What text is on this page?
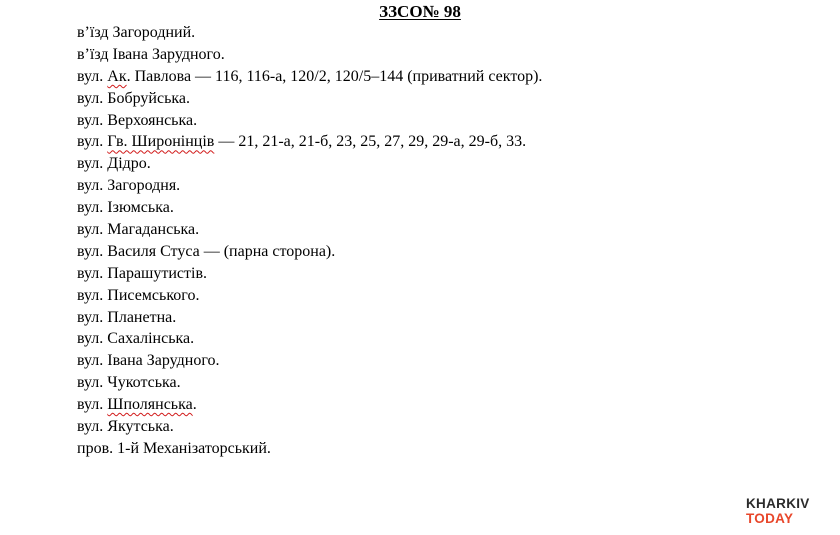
ЗЗСО№ 98
в’їзд Загородний.
в’їзд Івана Зарудного.
вул. Ак. Павлова — 116, 116-а, 120/2, 120/5–144 (приватний сектор).
вул. Бобруйська.
вул. Верхоянська.
вул. Гв. Широнінців — 21, 21-а, 21-б, 23, 25, 27, 29, 29-а, 29-б, 33.
вул. Дідро.
вул. Загородня.
вул. Ізюмська.
вул. Магаданська.
вул. Василя Стуса — (парна сторона).
вул. Парашутистів.
вул. Писемського.
вул. Планетна.
вул. Сахалінська.
вул. Івана Зарудного.
вул. Чукотська.
вул. Шполянська.
вул. Якутська.
пров. 1-й Механізаторський.
KHARKIV
TODAY
